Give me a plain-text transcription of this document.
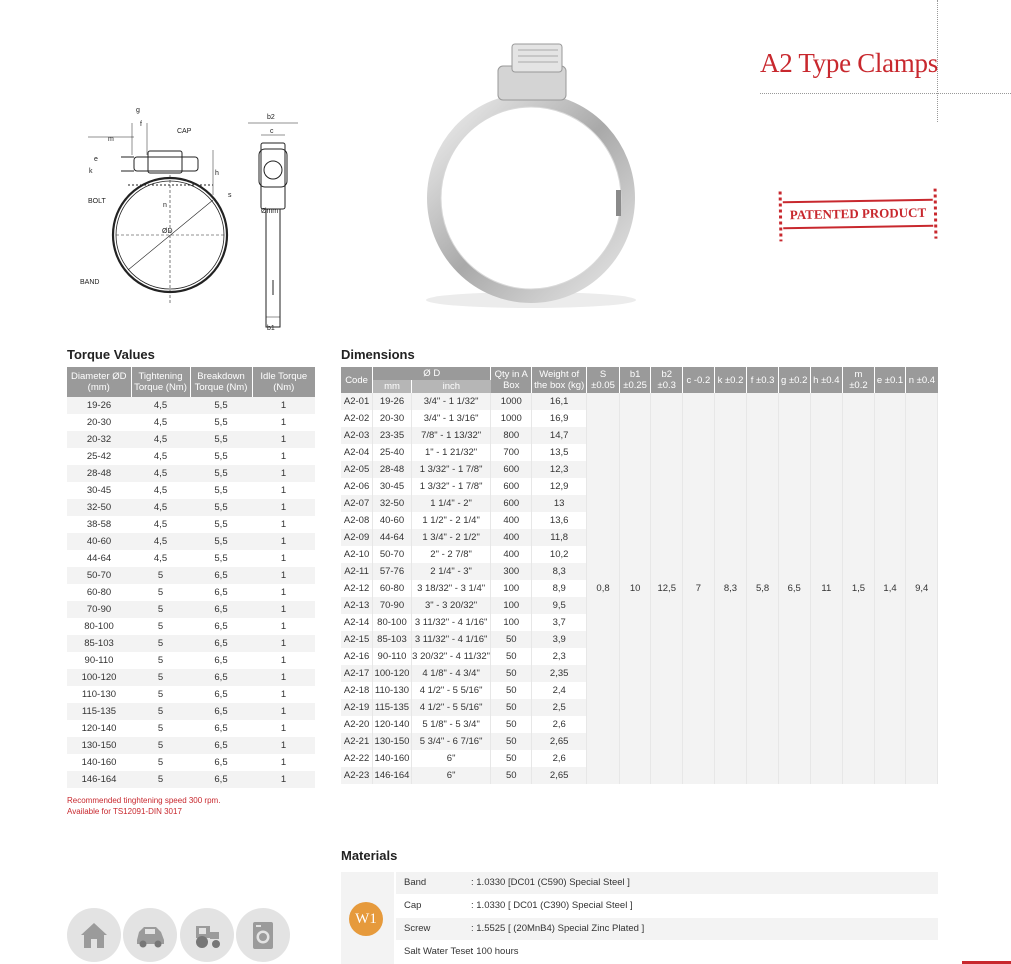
A2 Type Clamps
PATENTED PRODUCT
CAP
BOLT
BAND
ØD
Ømm
g
f
m
e
k	h
n
s
b2
c
b1
Torque Values
Diameter ØD (mm)	Tightening Torque (Nm)	Breakdown Torque (Nm)	Idle Torque (Nm)
19-26	4,5	5,5	1
20-30	4,5	5,5	1
20-32	4,5	5,5	1
25-42	4,5	5,5	1
28-48	4,5	5,5	1
30-45	4,5	5,5	1
32-50	4,5	5,5	1
38-58	4,5	5,5	1
40-60	4,5	5,5	1
44-64	4,5	5,5	1
50-70	5	6,5	1
60-80	5	6,5	1
70-90	5	6,5	1
80-100	5	6,5	1
85-103	5	6,5	1
90-110	5	6,5	1
100-120	5	6,5	1
110-130	5	6,5	1
115-135	5	6,5	1
120-140	5	6,5	1
130-150	5	6,5	1
140-160	5	6,5	1
146-164	5	6,5	1
Recommended tinghtening speed 300 rpm.
Available for TS12091-DIN 3017
Dimensions
Code	Ø D		Qty in A Box	Weight of the box (kg)	S ±0.05	b1 ±0.25	b2 ±0.3	c -0.2	k ±0.2	f ±0.3	g ±0.2	h ±0.4	m ±0.2	e ±0.1	n ±0.4
	mm	inch													
A2-01	19-26	3/4" - 1 1/32"	1000	16,1	0,8	10	12,5	7	8,3	5,8	6,5	11	1,5	1,4	9,4
A2-02	20-30	3/4" - 1 3/16"	1000	16,9											
A2-03	23-35	7/8" - 1 13/32"	800	14,7											
A2-04	25-40	1" - 1 21/32"	700	13,5											
A2-05	28-48	1 3/32" - 1 7/8"	600	12,3											
A2-06	30-45	1 3/32" - 1 7/8"	600	12,9											
A2-07	32-50	1 1/4" - 2"	600	13											
A2-08	40-60	1 1/2" - 2 1/4"	400	13,6											
A2-09	44-64	1 3/4" - 2 1/2"	400	11,8											
A2-10	50-70	2" - 2 7/8"	400	10,2											
A2-11	57-76	2 1/4" - 3"	300	8,3											
A2-12	60-80	3 18/32" - 3 1/4"	100	8,9											
A2-13	70-90	3" - 3 20/32"	100	9,5											
A2-14	80-100	3 11/32" - 4 1/16"	100	3,7											
A2-15	85-103	3 11/32" - 4 1/16"	50	3,9											
A2-16	90-110	3 20/32" - 4 11/32"	50	2,3											
A2-17	100-120	4 1/8" - 4 3/4"	50	2,35											
A2-18	110-130	4 1/2" - 5 5/16"	50	2,4											
A2-19	115-135	4 1/2" - 5 5/16"	50	2,5											
A2-20	120-140	5 1/8" - 5 3/4"	50	2,6											
A2-21	130-150	5 3/4" - 6 7/16"	50	2,65											
A2-22	140-160	6"	50	2,6											
A2-23	146-164	6"	50	2,65											
Materials
W1
Band	: 1.0330 [DC01 (C590) Special Steel ]
Cap	: 1.0330 [ DC01 (C390) Special Steel ]
Screw	: 1.5525 [ (20MnB4) Special Zinc Plated ]
Salt Water Teset
: 100 hours
